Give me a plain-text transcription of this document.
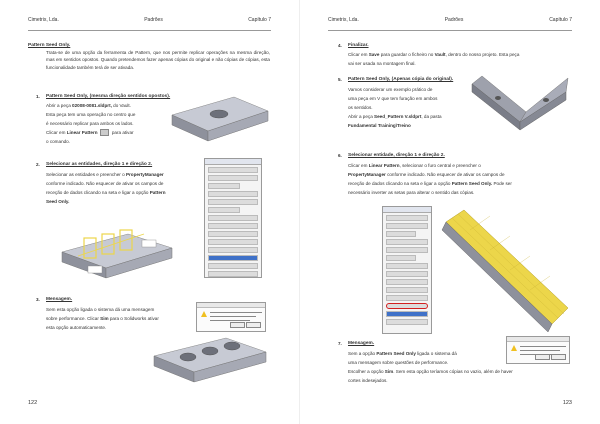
Cimetrix, Lda.	Padrões	Capítulo 7
Pattern Seed Only.
Trata-se de uma opção da ferramenta de Pattern, que nos permite replicar operações na mesma direção, mas em sentidos opostos. Quando pretendemos fazer apenas cópias do original e não cópias de cópias, esta funcionalidade também terá de ser ativada.
1. Pattern Seed Only, (mesma direção sentidos opostos).
Abrir a peça 02008-0081.sldprt, do Vault.
Esta peça tem uma operação no centro que
é necessário replicar para ambos os lados.
Clicar em Linear Pattern	para ativar
o comando.
2. Selecionar as entidades, direção 1 e direção 2.
Selecionar as entidades e preencher o PropertyManager
conforme indicado. Não esquecer de ativar os campos de
receção de dados clicando na seta e ligar a opção Pattern
Seed Only.
3. Mensagem.
Sem esta opção ligada o sistema dá uma mensagem
sobre performance. Clicar Sim para o Solidworks ativar
esta opção automaticamente.
122
Cimetrix, Lda.	Padrões	Capítulo 7
4. Finalizar.
Clicar em Save para guardar o ficheiro no Vault, dentro do nosso projeto. Esta peça
vai ser usada na montagem final.
5. Pattern Seed Only, (Apenas cópia do original).
Vamos considerar um exemplo prático de
uma peça em V que tem furação em ambos
os sentidos.
Abrir a peça Seed_Pattern V.sldprt, da pasta
Fundamental Training\Treino
6. Selecionar entidade, direção 1 e direção 2.
Clicar em Linear Pattern, selecionar o furo central e preencher o
PropertyManager conforme indicado. Não esquecer de ativar os campos de
receção de dados clicando na seta e ligar a opção Pattern Seed Only. Pode ser
necessário inverter as setas para alterar o sentido das cópias.
7. Mensagem.
Sem a opção Pattern Seed Only ligada o sistema dá
uma mensagem sobre questões de performance.
Escolher a opção Sim. Sem esta opção teríamos cópias no vazio, além de haver
cortes indesejados.
123
